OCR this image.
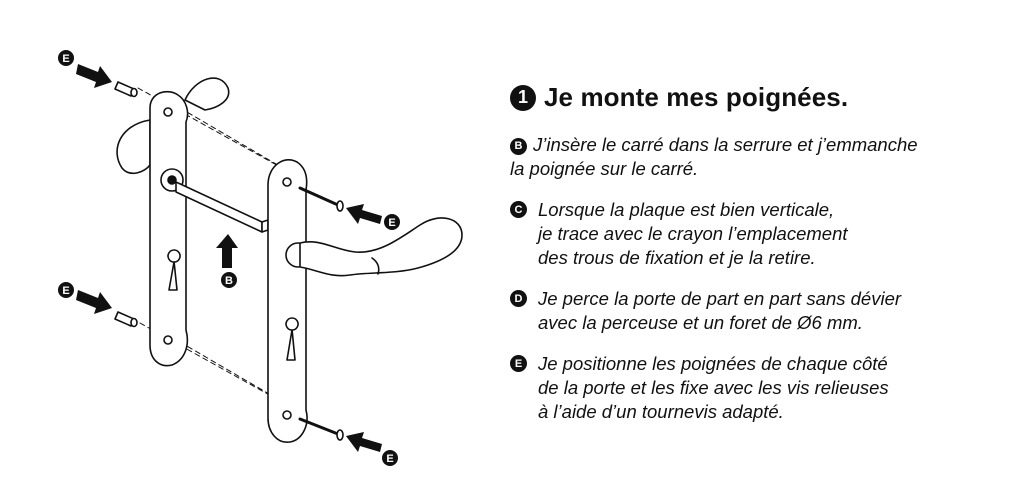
E
E
E
E
B
1 Je monte mes poignées.
B J’insère le carré dans la serrure et j’emmanche
la poignée sur le carré.
C Lorsque la plaque est bien verticale,
je trace avec le crayon l’emplacement
des trous de fixation et je la retire.
D Je perce la porte de part en part sans dévier
avec la perceuse et un foret de Ø6 mm.
E Je positionne les poignées de chaque côté
de la porte et les fixe avec les vis relieuses
à l’aide d’un tournevis adapté.
